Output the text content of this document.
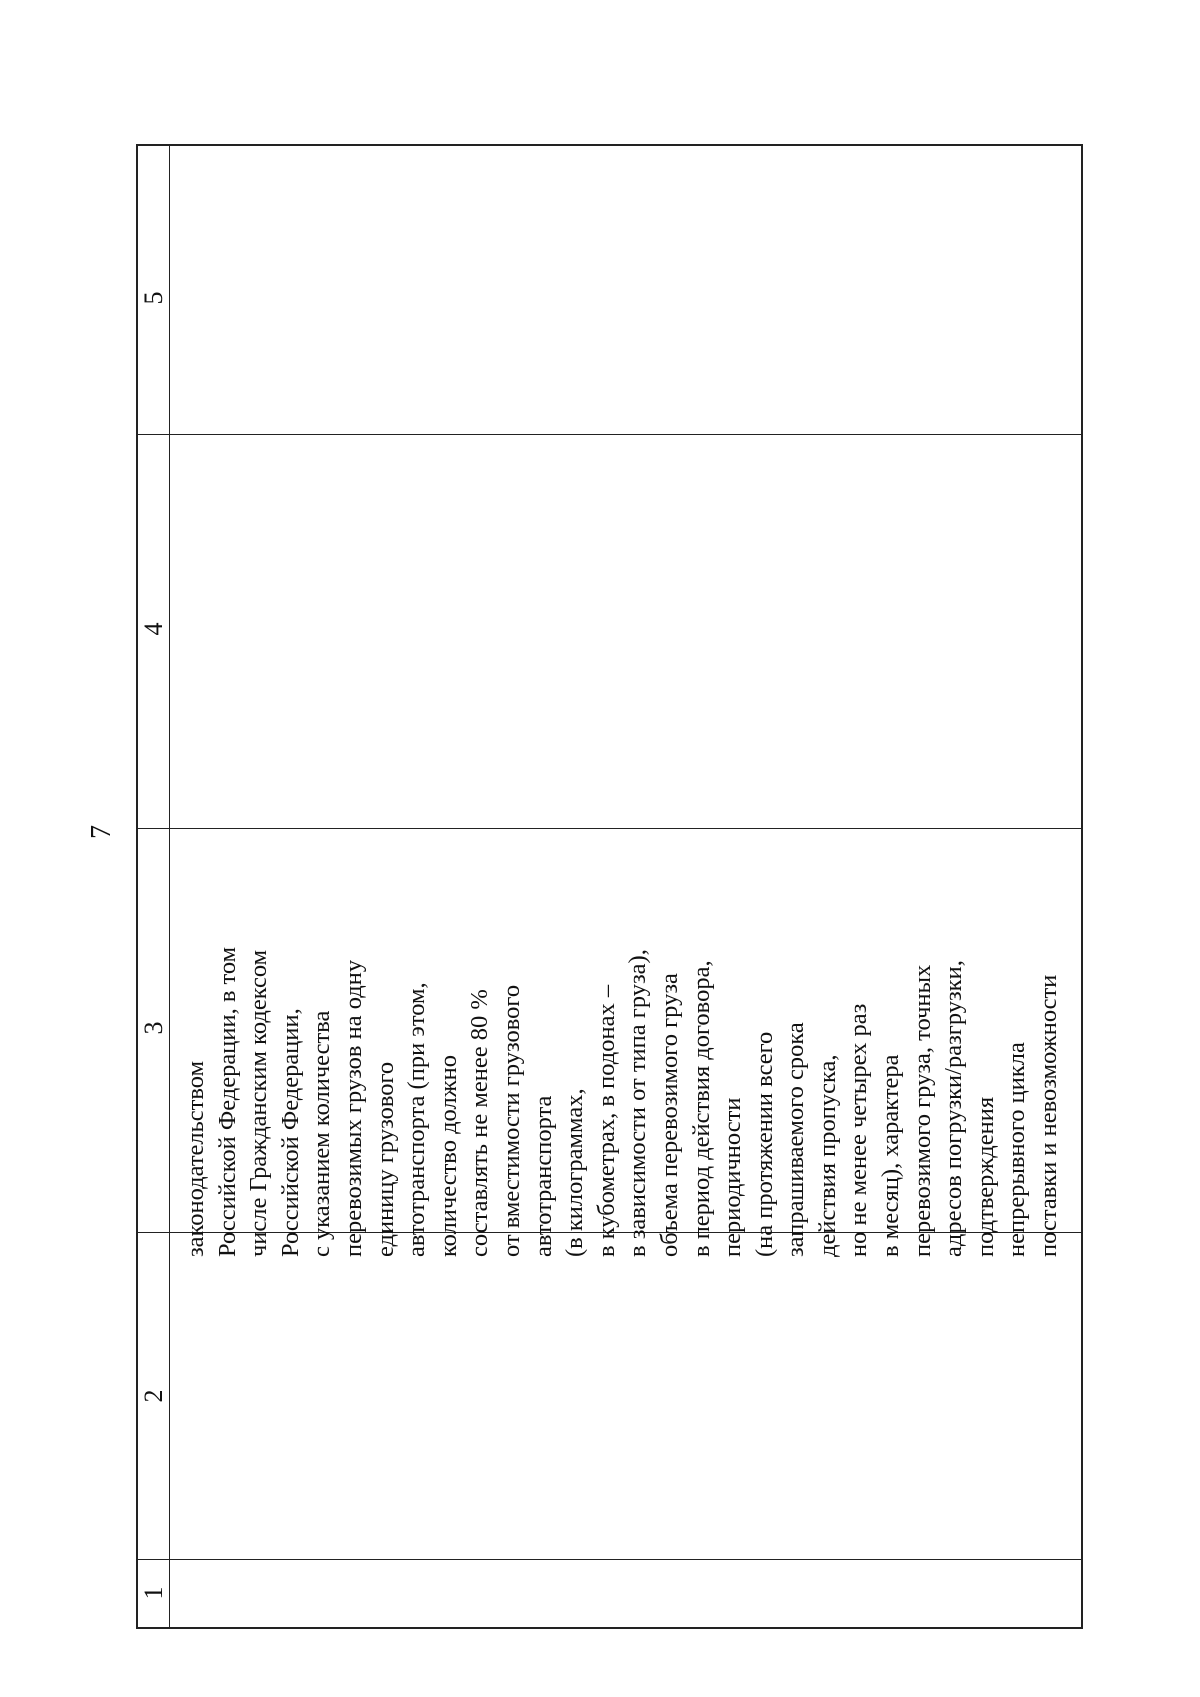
7
1
2
3
4
5
законодательством Российской Федерации, в том числе Гражданским кодексом Российской Федерации, с указанием количества перевозимых грузов на одну единицу грузового автотранспорта (при этом, количество должно составлять не менее 80 % от вместимости грузового автотранспорта (в килограммах, в кубометрах, в подонах – в зависимости от типа груза), объема перевозимого груза в период действия договора, периодичности (на протяжении всего запрашиваемого срока действия пропуска, но не менее четырех раз в месяц), характера перевозимого груза, точных адресов погрузки/разгрузки, подтверждения непрерывного цикла поставки и невозможности
